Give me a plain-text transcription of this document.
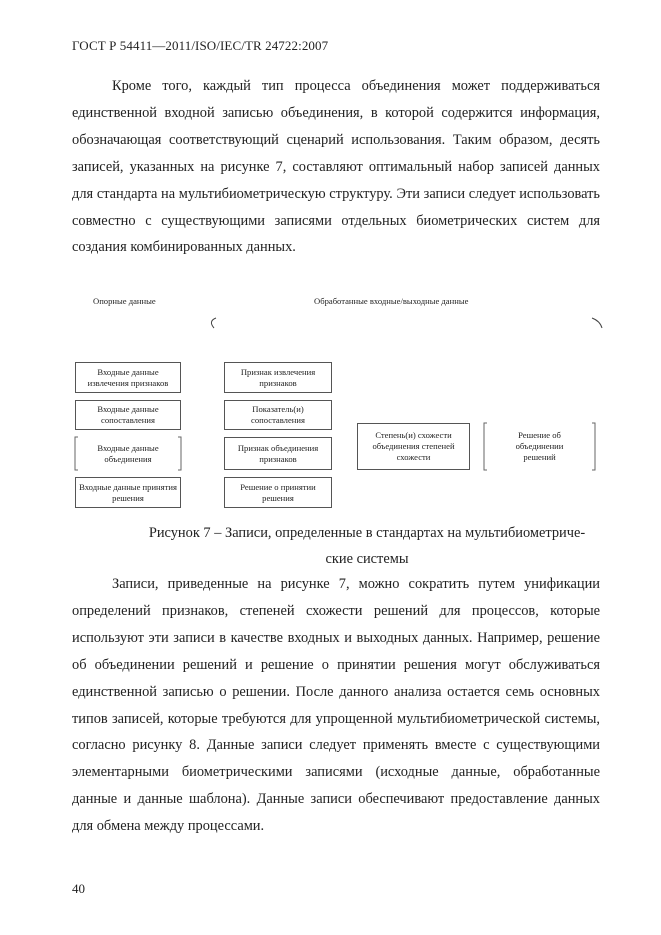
ГОСТ Р 54411—2011/ISO/IEC/TR 24722:2007

Кроме того, каждый тип процесса объединения может поддерживаться единственной входной записью объединения, в которой содержится информация, обозначающая соответствующий сценарий использования. Таким образом, десять записей, указанных на рисунке 7, составляют оптимальный набор записей данных для стандарта на мультибиометрическую структуру. Эти записи следует использовать совместно с существующими записями отдельных биометрических систем для создания комбинированных данных.

Опорные данные	Обработанные входные/выходные данные
Входные данные извлечения признаков
Входные данные сопоставления
Входные данные объединения
Входные данные принятия решения
Признак извлечения признаков
Показатель(и) сопоставления
Признак объединения признаков
Решение о принятии решения
Степень(и) схожести объединения степеней схожести
Решение об объединении решений
Рисунок 7 – Записи, определенные в стандартах на мультибиометриче-
ские системы

Записи, приведенные на рисунке 7, можно сократить путем унификации определений признаков, степеней схожести решений для процессов, которые используют эти записи в качестве входных и выходных данных. Например, решение об объединении решений и решение о принятии решения могут обслуживаться единственной записью о решении. После данного анализа остается семь основных типов записей, которые требуются для упрощенной мультибиометрической системы, согласно рисунку 8. Данные записи следует применять вместе с существующими элементарными биометрическими записями (исходные данные, обработанные данные и данные шаблона). Данные записи обеспечивают предоставление данных для обмена между процессами.

40
